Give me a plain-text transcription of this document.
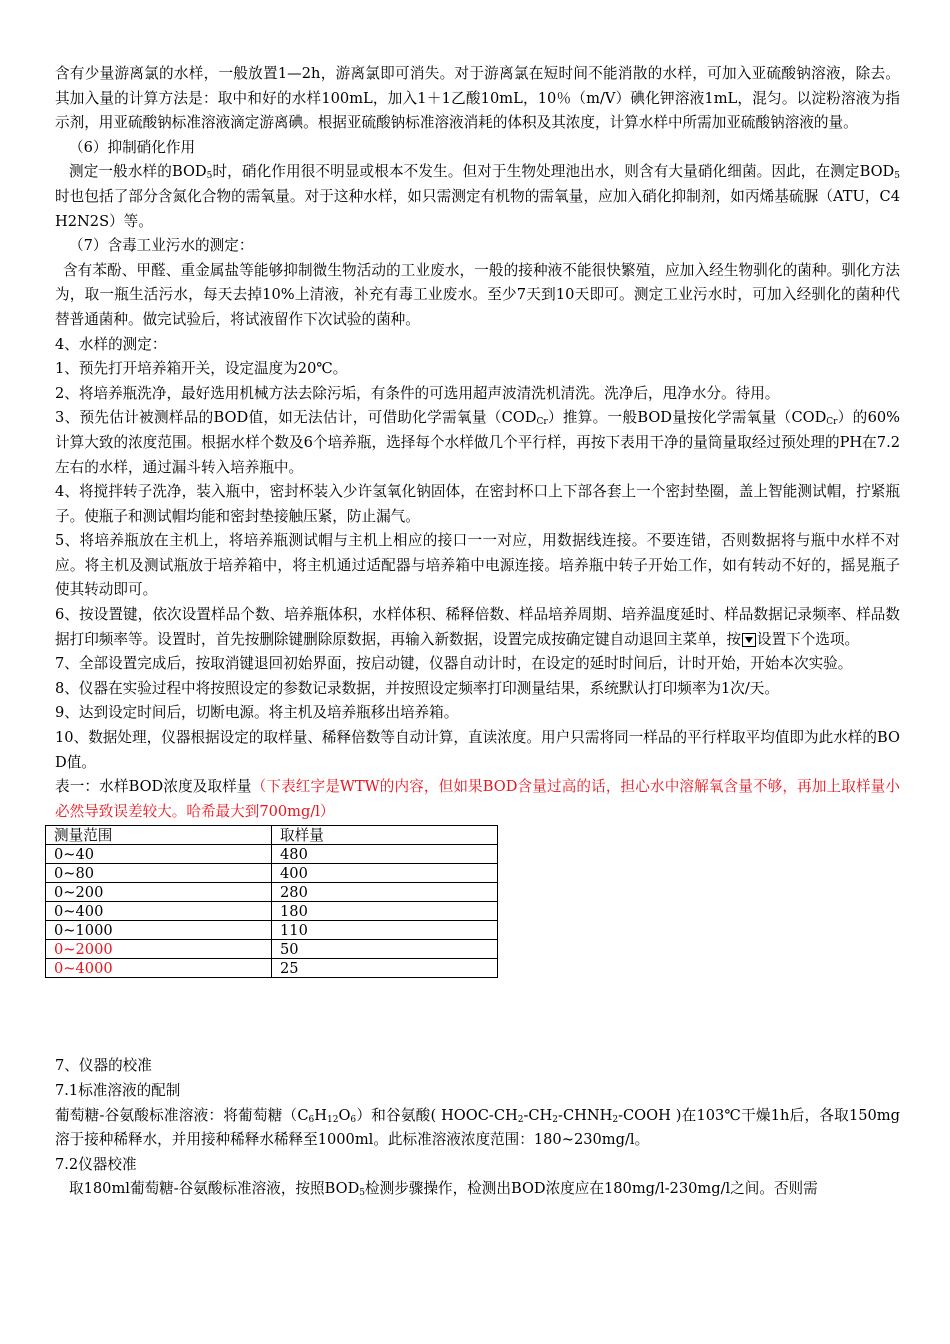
含有少量游离氯的水样，一般放置1—2h，游离氯即可消失。对于游离氯在短时间不能消散的水样，可加入亚硫酸钠溶液，除去。其加入量的计算方法是：取中和好的水样100mL，加入1＋1乙酸10mL，10％（m/V）碘化钾溶液1mL，混匀。以淀粉溶液为指示剂，用亚硫酸钠标准溶液滴定游离碘。根据亚硫酸钠标准溶液消耗的体积及其浓度，计算水样中所需加亚硫酸钠溶液的量。

（6）抑制硝化作用

测定一般水样的$BOD_5$时，硝化作用很不明显或根本不发生。但对于生物处理池出水，则含有大量硝化细菌。因此，在测定$BOD_5$时也包括了部分含氮化合物的需氧量。对于这种水样，如只需测定有机物的需氧量，应加入硝化抑制剂，如丙烯基硫脲（ATU，C4H2N2S）等。

（7）含毒工业污水的测定：

含有苯酚、甲醛、重金属盐等能够抑制微生物活动的工业废水，一般的接种液不能很快繁殖，应加入经生物驯化的菌种。驯化方法为，取一瓶生活污水，每天去掉10%上清液，补充有毒工业废水。至少7天到10天即可。测定工业污水时，可加入经驯化的菌种代替普通菌种。做完试验后，将试液留作下次试验的菌种。

4、水样的测定：

1、预先打开培养箱开关，设定温度为20℃。

2、将培养瓶洗净，最好选用机械方法去除污垢，有条件的可选用超声波清洗机清洗。洗净后，甩净水分。待用。

3、预先估计被测样品的BOD值，如无法估计，可借助化学需氧量$(COD_{Cr})$推算。一般BOD量按化学需氧量$(COD_{Cr})$的60%计算大致的浓度范围。根据水样个数及6个培养瓶，选择每个水样做几个平行样，再按下表用干净的量筒量取经过预处理的PH在7.2左右的水样，通过漏斗转入培养瓶中。

4、将搅拌转子洗净，装入瓶中，密封杯装入少许氢氧化钠固体，在密封杯口上下部各套上一个密封垫圈，盖上智能测试帽，拧紧瓶子。使瓶子和测试帽均能和密封垫接触压紧，防止漏气。

5、将培养瓶放在主机上，将培养瓶测试帽与主机上相应的接口一一对应，用数据线连接。不要连错，否则数据将与瓶中水样不对应。将主机及测试瓶放于培养箱中，将主机通过适配器与培养箱中电源连接。培养瓶中转子开始工作，如有转动不好的，摇晃瓶子使其转动即可。

6、按设置键，依次设置样品个数、培养瓶体积，水样体积、稀释倍数、样品培养周期、培养温度延时、样品数据记录频率、样品数据打印频率等。设置时，首先按删除键删除原数据，再输入新数据，设置完成按确定键自动退回主菜单，按 设置下个选项。

7、全部设置完成后，按取消键退回初始界面，按启动键，仪器自动计时，在设定的延时时间后，计时开始，开始本次实验。

8、仪器在实验过程中将按照设定的参数记录数据，并按照设定频率打印测量结果，系统默认打印频率为1次/天。

9、达到设定时间后，切断电源。将主机及培养瓶移出培养箱。

10、数据处理，仪器根据设定的取样量、稀释倍数等自动计算，直读浓度。用户只需将同一样品的平行样取平均值即为此水样的BOD值。

表一：水样BOD浓度及取样量（下表红字是WTW的内容，但如果BOD含量过高的话，担心水中溶解氧含量不够，再加上取样量小必然导致误差较大。哈希最大到700mg/l）

测量范围	取样量
0~40	480
0~80	400
0~200	280
0~400	180
0~1000	110
0~2000	50
0~4000	25

7、仪器的校准

7.1标准溶液的配制

葡萄糖-谷氨酸标准溶液：将葡萄糖$(C_6H_{12}O_6)$和谷氨酸( HOOC-$CH_2-CH_2-CHNH_2$-COOH )在103℃干燥1h后，各取150mg溶于接种稀释水，并用接种稀释水稀释至1000ml。此标准溶液浓度范围：180~230mg/l。

7.2仪器校准

取180ml葡萄糖-谷氨酸标准溶液，按照$BOD_5$检测步骤操作，检测出BOD浓度应在180mg/l-230mg/l之间。否则需
